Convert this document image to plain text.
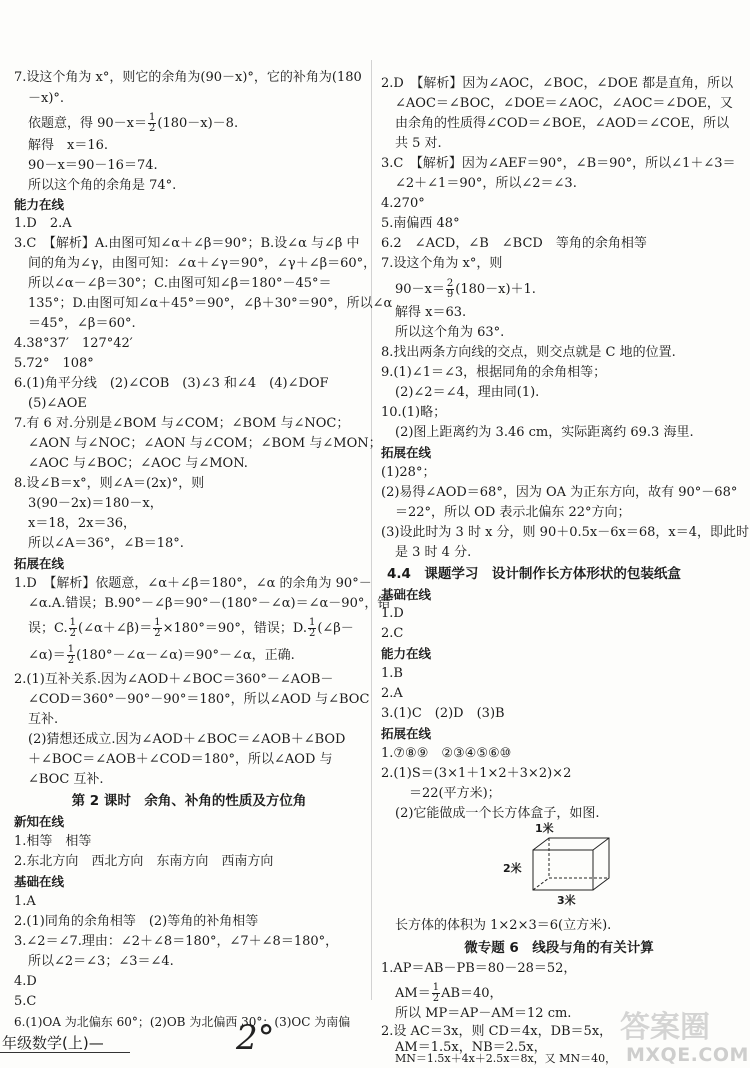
7.设这个角为 x°，则它的余角为(90－x)°，它的补角为(180
－x)°.
依题意，得 $90-x= \frac{1}{2} (180-x)-8$.
解得　x＝16.
90－x＝90－16＝74.
所以这个角的余角是 74°.
能力在线
1.D　2.A
3.C　【解析】A.由图可知∠α＋∠β＝90°；B.设∠α 与∠β 中
间的角为∠γ，由图可知：∠α＋∠γ＝90°，∠γ＋∠β＝60°，
所以∠α－∠β＝30°；C.由图可知∠β＝180°－45°＝
135°；D.由图可知∠α＋45°＝90°，∠β＋30°＝90°，所以∠α
＝45°，∠β＝60°.
4.38°37′　127°42′
5.72°　108°
6.(1)角平分线　(2)∠COB　(3)∠3 和∠4　(4)∠DOF
(5)∠AOE
7.有 6 对.分别是∠BOM 与∠COM；∠BOM 与∠NOC；
∠AON 与∠NOC；∠AON 与∠COM；∠BOM 与∠MON；
∠AOC 与∠BOC；∠AOC 与∠MON.
8.设∠B＝x°，则∠A＝(2x)°，则
3(90－2x)＝180－x，
x＝18，2x＝36，
所以∠A＝36°，∠B＝18°.
拓展在线
1.D　【解析】依题意，∠α＋∠β＝180°，∠α 的余角为 90°－
∠α.A.错误；B.90°－∠β＝90°－(180°－∠α)＝∠α－90°，错
误；C. $\frac{1}{2}$ (∠α＋∠β)＝ $\frac{1}{2} \times 180^\circ=90^\circ$，错误；D. $\frac{1}{2}$ (∠β－
∠α)＝ $\frac{1}{2}$ (180°－∠α－∠α)＝90°－∠α，正确.
2.(1)互补关系.因为∠AOD＋∠BOC＝360°－∠AOB－
∠COD＝360°－90°－90°＝180°，所以∠AOD 与∠BOC
互补.
(2)猜想还成立.因为∠AOD＋∠BOC＝∠AOB＋∠BOD
＋∠BOC＝∠AOB＋∠COD＝180°，所以∠AOD 与
∠BOC 互补.
第 2 课时　余角、补角的性质及方位角
新知在线
1.相等　相等
2.东北方向　西北方向　东南方向　西南方向
基础在线
1.A
2.(1)同角的余角相等　(2)等角的补角相等
3.∠2＝∠7.理由：∠2＋∠8＝180°，∠7＋∠8＝180°，
所以∠2＝∠3；∠3＝∠4.
4.D
5.C
2.D　【解析】因为∠AOC，∠BOC，∠DOE 都是直角，所以
∠AOC＝∠BOC，∠DOE＝∠AOC，∠AOC＝∠DOE，又
由余角的性质得∠COD＝∠BOE，∠AOD＝∠COE，所以
共 5 对.
3.C　【解析】因为∠AEF＝90°，∠B＝90°，所以∠1＋∠3＝
∠2＋∠1＝90°，所以∠2＝∠3.
4.270°
5.南偏西 48°
6.2　∠ACD，∠B　∠BCD　等角的余角相等
7.设这个角为 x°，则
$90-x= \frac{2}{9} (180-x)+1$.
解得 x＝63.
所以这个角为 63°.
8.找出两条方向线的交点，则交点就是 C 地的位置.
9.(1)∠1＝∠3，根据同角的余角相等；
(2)∠2＝∠4，理由同(1).
10.(1)略；
(2)图上距离约为 3.46 cm，实际距离约 69.3 海里.
拓展在线
(1)28°；
(2)易得∠AOD＝68°，因为 OA 为正东方向，故有 90°－68°
＝22°，所以 OD 表示北偏东 22°方向；
(3)设此时为 3 时 x 分，则 90＋0.5x－6x＝68，x＝4，即此时
是 3 时 4 分.
4.4　课题学习　设计制作长方体形状的包装纸盒
基础在线
1.D
2.C
能力在线
1.B
2.A
3.(1)C　(2)D　(3)B
拓展在线
1.⑦⑧⑨　②③④⑤⑥⑩
2.(1)S＝(3×1＋1×2＋3×2)×2
＝22(平方米)；
(2)它能做成一个长方体盒子，如图.
1米
2米
3米
长方体的体积为 1×2×3＝6(立方米).
微专题 6　线段与角的有关计算
1.AP＝AB－PB＝80－28＝52，
$AM= \frac{1}{2} AB=40$，
所以 MP＝AP－AM＝12 cm.
2.设 AC＝3x，则 CD＝4x，DB＝5x，
AM＝1.5x，NB＝2.5x，
MN＝1.5x＋4x＋2.5x＝8x，又 MN＝40，
年级数学(上)—	2°	答案圈
MXQE.COM
6.(1)OA 为北偏东 60°；(2)OB 为北偏西 30°；(3)OC 为南偏
